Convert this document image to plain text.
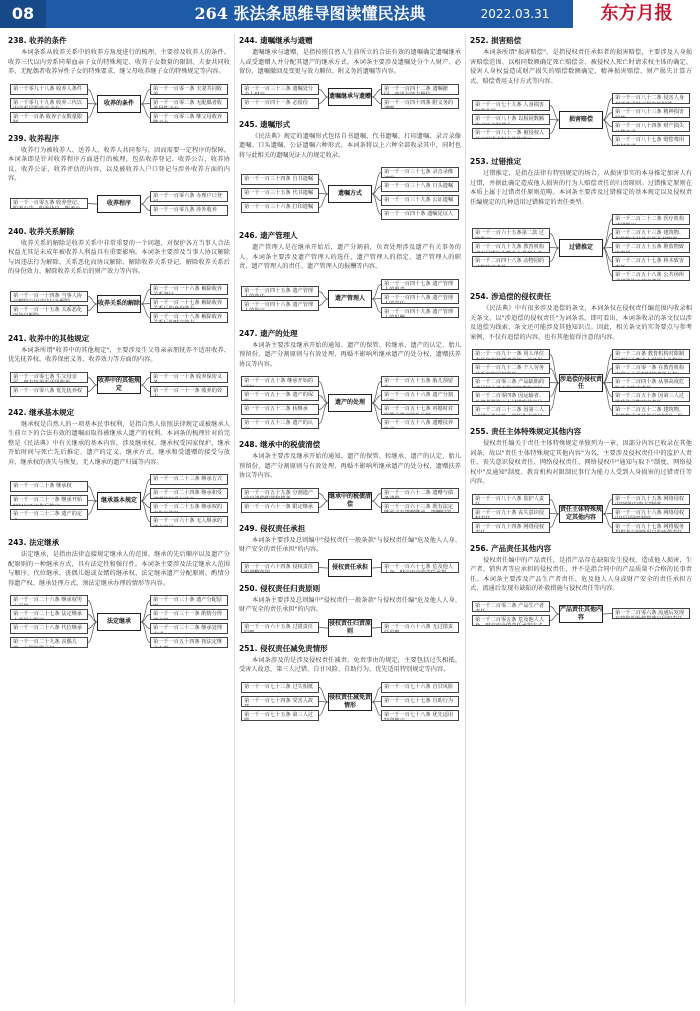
08	264 张法条思维导图读懂民法典	2022.03.31	东方月报
238. 收养的条件

本词条系从收养关系中的收养方角度进行的梳理，主要涉及收养人的条件、收养三代以内旁系同辈血亲子女的特殊规定、收养子女数量的限制、夫妻共同收养、无配偶者收养异性子女的特殊要求、继父母收养继子女的特殊规定等内容。

第一千零九十八条 收养人条件
第一千零九十九条 收养三代以
第一千一百条 收养子女数量限
第一千一百零一条 夫妻共同收
第一千一百零二条 无配偶者收
第一千一百零三条 继父母收养
收养的条件
239. 收养程序

收养行为被收养人、送养人、收养人共同参与，因而需要一定程序的保障。本词条即是针对收养程序方面进行的梳理，包括收养登记、收养公告、收养协议、收养公证、收养评估的内容，以及被收养人户口登记与涉外收养方面的内容。

第一千一百零五条 收养登记、
第一千一百零六条 办理户口登
第一千一百零九条 涉外收养
收养程序
240. 收养关系解除

收养关系的解除是收养关系中非常重要的一个问题，对保护各方当事人合法权益尤其是未成年被收养人利益具有重要影响。本词条主要涉及当事人协议解除与因违法行为解除、关系恶化而协议解除、解除收养关系登记、解除收养关系后的身份效力、解除收养关系后的财产效力等内容。

第一千一百一十四条 当事人协
第一千一百一十五条 关系恶化
第一千一百一十六条 解除收养
第一千一百一十七条 解除收养
第一千一百一十八条 解除收养
收养关系的解除
241. 收养中的其他规定

本词条所谓"收养中的其他规定"，主要涉及生父母亲亲朋抚养不适用收养、优先抚养权、收养保密义务、收养效力等方面的内容。

第一千一百零七条 生父母亲
第一千一百零八条 优先抚养权
第一千一百一十条 收养保密义
第一千一百一十一条 收养的效
收养中的其他规定
242. 继承基本规定

继承权是自然人的一项基本民事权利，是指自然人依照法律规定或被继承人生前立下的合法有效的遗嘱而取得被继承人遗产的权利。本词条的梳理针对的完整是《民法典》中有关继承的基本内容，涉及继承权、继承权受国家保护、继承开始时间与死亡先后推定、遗产的定义、继承方式、继承和受遗赠的接受与放弃、继承权的丧失与恢复、无人继承的遗产归属等内容。

第一千一百二十条 继承权
第一千一百二十一条 继承开始
第一千一百二十二条 遗产的定
第一千一百二十三条 继承方式
第一千一百二十四条 继承和受
第一千一百二十五条 继承权的
第一千一百六十条 无人继承的
继承基本规定
243. 法定继承

法定继承，是指由法律直接规定继承人的范围、继承的先后顺序以及遗产分配原则的一种继承方式，具有法定性和强行性。本词条主要涉及法定继承人范围与顺序、代位继承、丧偶儿媳或女婿的继承权、法定继承遗产分配原则、酌情分得遗产权、继承处理方式、须法定继承办理的情形等内容。

第一千一百二十六条 继承权男
第一千一百二十七条 法定继承
第一千一百二十八条 代位继承
第一千一百二十九条 丧偶儿
第一千一百三十条 遗产分配原
第一千一百三十一条 酌情分得
第一千一百三十二条 继承处理
第一千一百五十四条 按法定继
法定继承
244. 遗嘱继承与遗赠

遗嘱继承与遗赠，是指按照自然人生前所立的合法有效的遗嘱确定遗嘱继承人或受遗赠人并分配其遗产的继承方式。本词条主要涉及遗嘱处分个人财产、必留份、遗嘱撤回及变更与效力顺位、附义务的遗嘱等内容。

第一千一百三十三条 遗嘱处分
第一千一百四十一条 必留份
第一千一百四十二条 遗嘱撤
第一千一百四十四条 附义务的
遗嘱继承与遗赠
245. 遗嘱形式

《民法典》规定的遗嘱形式包括自书遗嘱、代书遗嘱、打印遗嘱、录音录像遗嘱、口头遗嘱、公证遗嘱六种形式。本词条将以上六种全部收录其中，同时也将与此相关的遗嘱见证人的规定收录。

第一千一百三十四条 自书遗嘱
第一千一百三十五条 代书遗嘱
第一千一百三十六条 打印遗嘱
第一千一百三十七条 录音录像
第一千一百三十八条 口头遗嘱
第一千一百三十九条 公证遗嘱
第一千一百四十条 遗嘱见证人
遗嘱方式
246. 遗产管理人

遗产管理人是在继承开始后，遗产分割前，负责处理涉及遗产有关事务的人。本词条主要涉及遗产管理人的选任、遗产管理人的指定、遗产管理人的职责、遗产管理人的责任、遗产管理人的报酬等内容。

第一千一百四十五条 遗产管理
第一千一百四十六条 遗产管理
第一千一百四十七条 遗产管理
第一千一百四十八条 遗产管理
第一千一百四十九条 遗产管理
遗产管理人
247. 遗产的处理

本词条主要涉及继承开始的通知、遗产的保管、转继承、遗产的认定、胎儿预留份、遗产分割原则与有效处理、再婚不影响所继承遗产的处分权、遗赠扶养协议等内容。

第一千一百五十条 继承开始的
第一千一百五十一条 遗产的保
第一千一百五十二条 转继承
第一千一百五十三条 遗产的认
第一千一百五十五条 胎儿预留
第一千一百五十六条 遗产分割
第一千一百五十七条 再婚时对
第一千一百五十八条 遗赠扶养
遗产的处理
248. 继承中的税债清偿

本词条主要涉及继承开始的通知、遗产的保管、转继承、遗产的认定、胎儿预留份、遗产分割原则与有效处理、再婚不影响所继承遗产的处分权、遗赠扶养协议等内容。

第一千一百五十九条 分割遗产
第一千一百六十一条 限定继承
第一千一百六十二条 遗赠与债
第一千一百六十三条 既有法定
继承中的税债清偿
249. 侵权责任承担

本词条主要涉及总则编中"侵权责任一般条款"与侵权责任编"危及他人人身、财产安全的责任承担"的内容。

第一千一百六十四条 侵权责任	第一千一百六十七条 危及他人
侵权责任承担
250. 侵权责任归责原则

本词条主要涉及总则编中"侵权责任一般条款"与侵权责任编"危及他人人身、财产安全的责任承担"的内容。

第一千一百六十五条 过错责任	第一千一百六十六条 无过错责
侵权责任归责原则
251. 侵权责任减免责情形

本词条涉及的是涉及侵权责任减责、免责事由的规定，主要包括过失相抵、受害人故意、第三人过错、自甘风险、自助行为、优先适用特别规定等内容。

第一千一百七十三条 过失相抵
第一千一百七十四条 受害人故
第一千一百七十五条 第三人过
第一千一百七十六条 自甘风险
第一千一百七十七条 自助行为
第一千一百七十八条 优先适用
侵权责任减免责情形
252. 损害赔偿

本词条所谓"损害赔偿"，是指侵权责任承担者的损害赔偿，主要涉及人身损害赔偿范围、以相同数额确定死亡赔偿金、被侵权人死亡时请求权主体的确定、侵害人身权益造成财产损失的赔偿数额确定、精神损害赔偿、财产损失计算方式、赔偿费用支付方式等内容。

第一千一百七十九条 人身损害
第一千一百八十条 以相同数额
第一千一百八十一条 被侵权人
第一千一百八十二条 侵害人身
第一千一百八十三条 精神损害
第一千一百八十四条 财产损失
第一千一百八十七条 赔偿费用
损害赔偿
253. 过错推定

过错推定，是指在法律有特别规定的场合，从损害事实的本身推定加害人有过错，并据此确定造成他人损害的行为人赔偿责任的归责原则。过错推定原则在本质上属于过错责任原则范畴。本词条主要涉及过错推定的基本规定以及侵权责任编规定的几种适用过错推定的责任类型。

第一千一百六十五条第二款 过
第一千一百九十九条 教育机构
第一千二百四十八条 动物园的
第一千二百二十二条 医疗机构
第一千二百五十三条 建筑物、
第一千二百五十五条 堆放物致
第一千二百五十七条 林木致害
第一千二百五十八条 公共场所
过错推定
254. 涉追偿的侵权责任

《民法典》中有很多涉及追偿的条文，本词条仅在侵权责任编范围内收录相关条文。以"涉追偿的侵权责任"为词条名，即可看出，本词条收录的条文仅以涉及追偿为线索，条文还可能涉及其他知识点。因此，相关条文的实务要点与参考案例，不仅有追偿的内容，也有其他值得注意的内容。

第一千一百九十一条 用人单位
第一千一百九十二条 个人劳务
第一千二百零三条 产品缺陷的
第一千二百零四条 因运输者、
第一千二百三十三条 因第三人
第一千二百条 教育机构对限制
第一千二百零一条 在教育机构
第一千二百四十条 从事高度危
第一千二百五十条 因第三人过
第一千二百五十二条 建筑物、
涉追偿的侵权责任
255. 责任主体特殊规定其他内容

侵权责任编关于责任主体特殊规定单独列为一章，因部分内容已收录在其他词条，故以"责任主体特殊规定其他内容"为名，主要涉及侵权责任中的监护人责任、丧失意识侵权责任、网络侵权责任、网络侵权中"通知与取下"制度、网络侵权中"反通知"制度、教育机构对限制民事行为能力人受到人身损害的过错责任等内容。

第一千一百八十八条 监护人责
第一千一百九十条 丧失意识侵
第一千一百九十四条 网络侵权
第一千一百九十五条 网络侵权
第一千一百九十六条 网络侵权
第一千一百九十七条 网络服务
责任主体特殊规定其他内容
256. 产品责任其他内容

侵权责任编中的产品责任，是指产品存在缺陷发生侵权，造成他人损害，生产者、销售者等应承担的侵权责任，并不是指合同中的产品质量不合格的民事责任。本词条主要涉及产品生产者责任、危及他人人身或财产安全的责任承担方式、流通后发现有缺陷的补救措施与侵权责任等内容。

第一千二百零二条 产品生产者
第一千二百零五条 危及他人人
第一千二百零六条 流通后发现
产品责任其他内容
